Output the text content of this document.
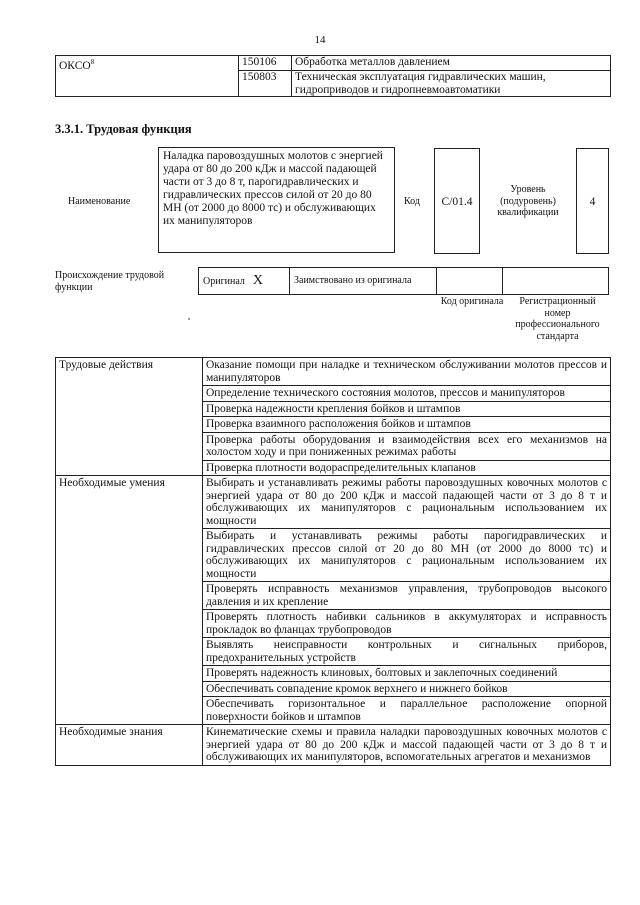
14
ОКСО$^8$	150106	Обработка металлов давлением
	150803	Техническая эксплуатация гидравлических машин, гидроприводов и гидропневмоавтоматики
3.3.1. Трудовая функция
Наименование
Наладка паровоздушных молотов с энергией удара от 80 до 200 кДж и массой падающей части от 3 до 8 т, парогидравлических и гидравлических прессов силой от 20 до 80 МН (от 2000 до 8000 тс) и обслуживающих их манипуляторов
Код	C/01.4
Уровень (подуровень) квалификации
4
Происхождение трудовой функции	Оригинал X	Заимствовано из оригинала		
Код оригинала	Регистрационный номер профессионального стандарта
Трудовые действия	Оказание помощи при наладке и техническом обслуживании молотов прессов и манипуляторов
	Определение технического состояния молотов, прессов и манипуляторов
	Проверка надежности крепления бойков и штампов
	Проверка взаимного расположения бойков и штампов
	Проверка работы оборудования и взаимодействия всех его механизмов на холостом ходу и при пониженных режимах работы
	Проверка плотности водораспределительных клапанов
Необходимые умения	Выбирать и устанавливать режимы работы паровоздушных ковочных молотов с энергией удара от 80 до 200 кДж и массой падающей части от 3 до 8 т и обслуживающих их манипуляторов с рациональным использованием их мощности
	Выбирать и устанавливать режимы работы парогидравлических и гидравлических прессов силой от 20 до 80 МН (от 2000 до 8000 тс) и обслуживающих их манипуляторов с рациональным использованием их мощности
	Проверять исправность механизмов управления, трубопроводов высокого давления и их крепление
	Проверять плотность набивки сальников в аккумуляторах и исправность прокладок во фланцах трубопроводов
	Выявлять неисправности контрольных и сигнальных приборов, предохранительных устройств
	Проверять надежность клиновых, болтовых и заклепочных соединений
	Обеспечивать совпадение кромок верхнего и нижнего бойков
	Обеспечивать горизонтальное и параллельное расположение опорной поверхности бойков и штампов
Необходимые знания	Кинематические схемы и правила наладки паровоздушных ковочных молотов с энергией удара от 80 до 200 кДж и массой падающей части от 3 до 8 т и обслуживающих их манипуляторов, вспомогательных агрегатов и механизмов
